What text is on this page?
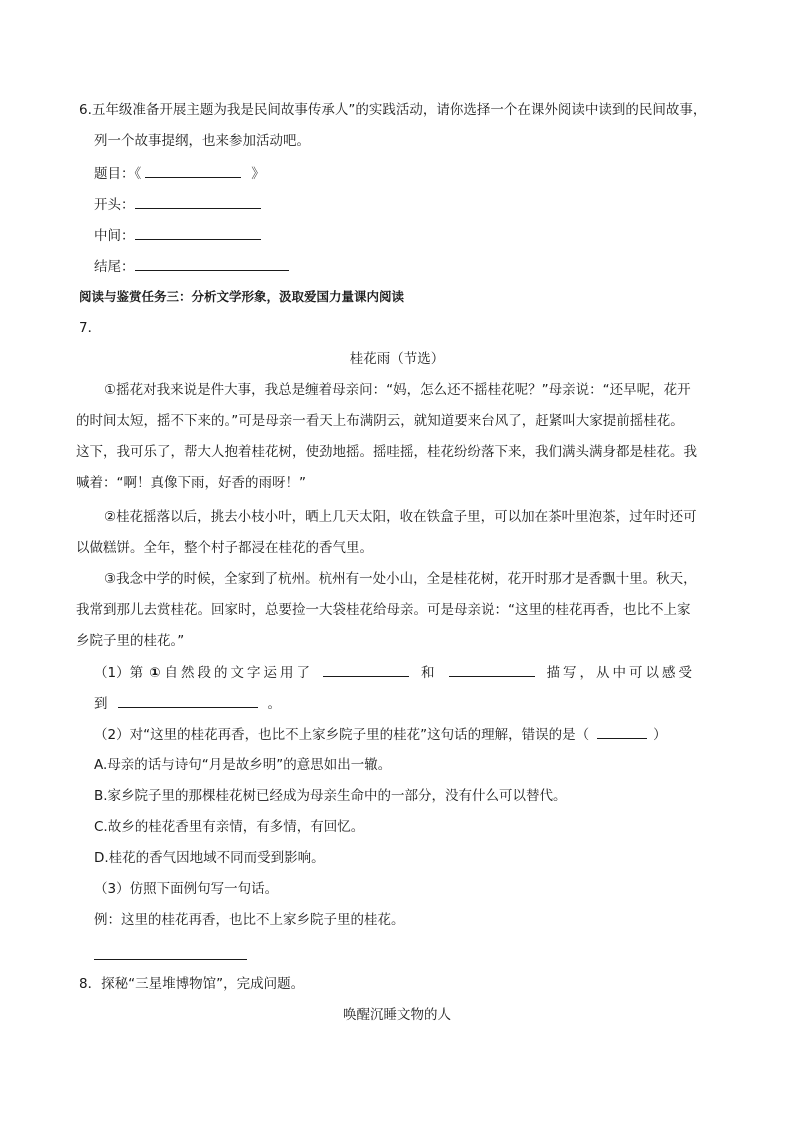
6.五年级准备开展主题为我是民间故事传承人”的实践活动，请你选择一个在课外阅读中读到的民间故事，
列一个故事提纲，也来参加活动吧。
题目：《	》
开头：
中间：
结尾：
阅读与鉴赏任务三：分析文学形象，汲取爱国力量课内阅读
7．
桂花雨（节选）
①摇花对我来说是件大事，我总是缠着母亲问：“妈，怎么还不摇桂花呢？”母亲说：“还早呢，花开
的时间太短，摇不下来的。”可是母亲一看天上布满阴云，就知道要来台风了，赶紧叫大家提前摇桂花。
这下，我可乐了，帮大人抱着桂花树，使劲地摇。摇哇摇，桂花纷纷落下来，我们满头满身都是桂花。我
喊着：“啊！真像下雨，好香的雨呀！”
②桂花摇落以后，挑去小枝小叶，晒上几天太阳，收在铁盒子里，可以加在茶叶里泡茶，过年时还可
以做糕饼。全年，整个村子都浸在桂花的香气里。
③我念中学的时候，全家到了杭州。杭州有一处小山，全是桂花树，花开时那才是香飘十里。秋天，
我常到那儿去赏桂花。回家时，总要捡一大袋桂花给母亲。可是母亲说：“这里的桂花再香，也比不上家
乡院子里的桂花。”
（1）第 ① 自然段的文字运用了	和	描写，从中可以感受
到	。
（2）对“这里的桂花再香，也比不上家乡院子里的桂花”这句话的理解，错误的是（	）
A.母亲的话与诗句“月是故乡明”的意思如出一辙。
B.家乡院子里的那棵桂花树已经成为母亲生命中的一部分，没有什么可以替代。
C.故乡的桂花香里有亲情，有多情，有回忆。
D.桂花的香气因地域不同而受到影响。
（3）仿照下面例句写一句话。
例：这里的桂花再香，也比不上家乡院子里的桂花。
8．探秘“三星堆博物馆”，完成问题。
唤醒沉睡文物的人
